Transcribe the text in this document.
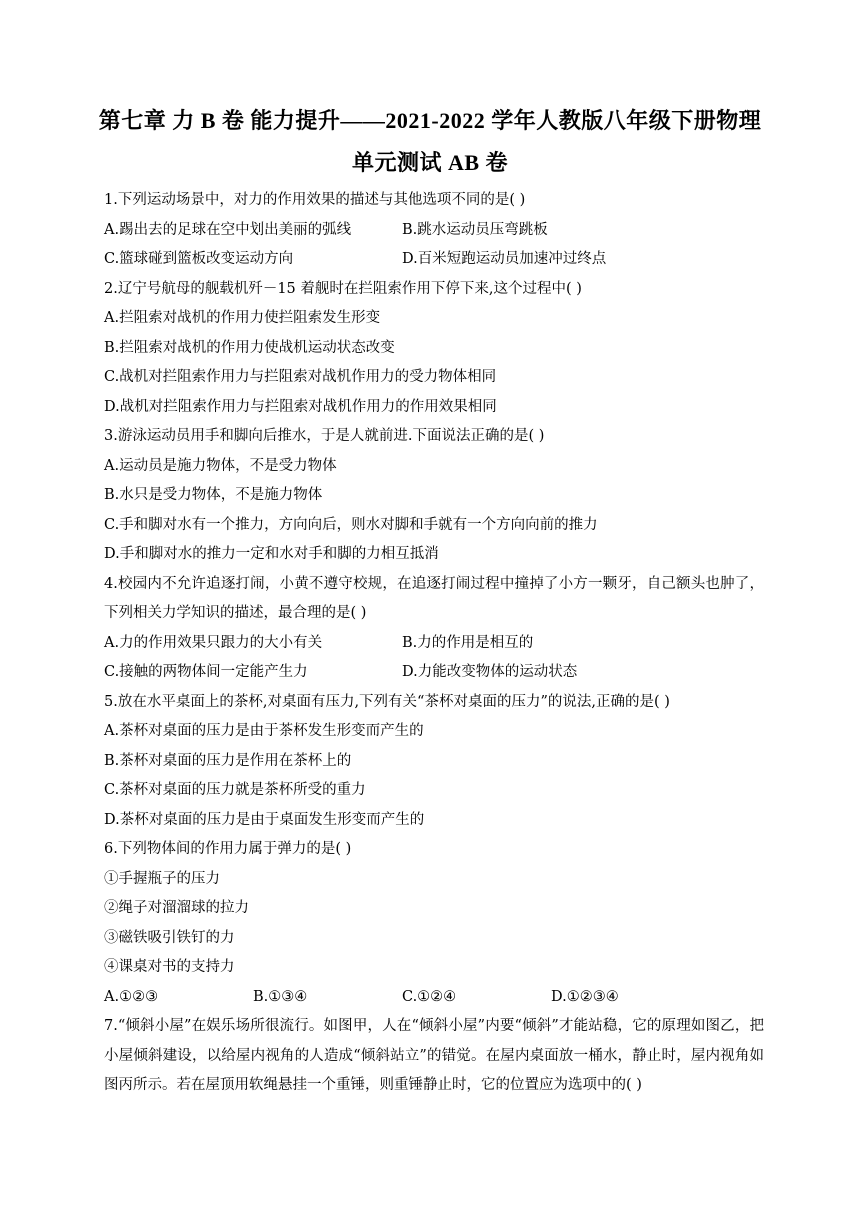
第七章 力 B 卷 能力提升——2021-2022 学年人教版八年级下册物理
单元测试 AB 卷
1.下列运动场景中，对力的作用效果的描述与其他选项不同的是( )
A.踢出去的足球在空中划出美丽的弧线	B.跳水运动员压弯跳板
C.篮球碰到篮板改变运动方向	D.百米短跑运动员加速冲过终点
2.辽宁号航母的舰载机歼－15 着舰时在拦阻索作用下停下来,这个过程中( )
A.拦阻索对战机的作用力使拦阻索发生形变
B.拦阻索对战机的作用力使战机运动状态改变
C.战机对拦阻索作用力与拦阻索对战机作用力的受力物体相同
D.战机对拦阻索作用力与拦阻索对战机作用力的作用效果相同
3.游泳运动员用手和脚向后推水，于是人就前进.下面说法正确的是( )
A.运动员是施力物体，不是受力物体
B.水只是受力物体，不是施力物体
C.手和脚对水有一个推力，方向向后，则水对脚和手就有一个方向向前的推力
D.手和脚对水的推力一定和水对手和脚的力相互抵消
4.校园内不允许追逐打闹，小黄不遵守校规，在追逐打闹过程中撞掉了小方一颗牙，自己额头也肿了，下列相关力学知识的描述，最合理的是( )
A.力的作用效果只跟力的大小有关	B.力的作用是相互的
C.接触的两物体间一定能产生力	D.力能改变物体的运动状态
5.放在水平桌面上的茶杯,对桌面有压力,下列有关“茶杯对桌面的压力”的说法,正确的是( )
A.茶杯对桌面的压力是由于茶杯发生形变而产生的
B.茶杯对桌面的压力是作用在茶杯上的
C.茶杯对桌面的压力就是茶杯所受的重力
D.茶杯对桌面的压力是由于桌面发生形变而产生的
6.下列物体间的作用力属于弹力的是( )
①手握瓶子的压力
②绳子对溜溜球的拉力
③磁铁吸引铁钉的力
④课桌对书的支持力
A.①②③	B.①③④	C.①②④	D.①②③④
7.“倾斜小屋”在娱乐场所很流行。如图甲，人在“倾斜小屋”内要“倾斜”才能站稳，它的原理如图乙，把小屋倾斜建设，以给屋内视角的人造成“倾斜站立”的错觉。在屋内桌面放一桶水，静止时，屋内视角如图丙所示。若在屋顶用软绳悬挂一个重锤，则重锤静止时，它的位置应为选项中的( )
